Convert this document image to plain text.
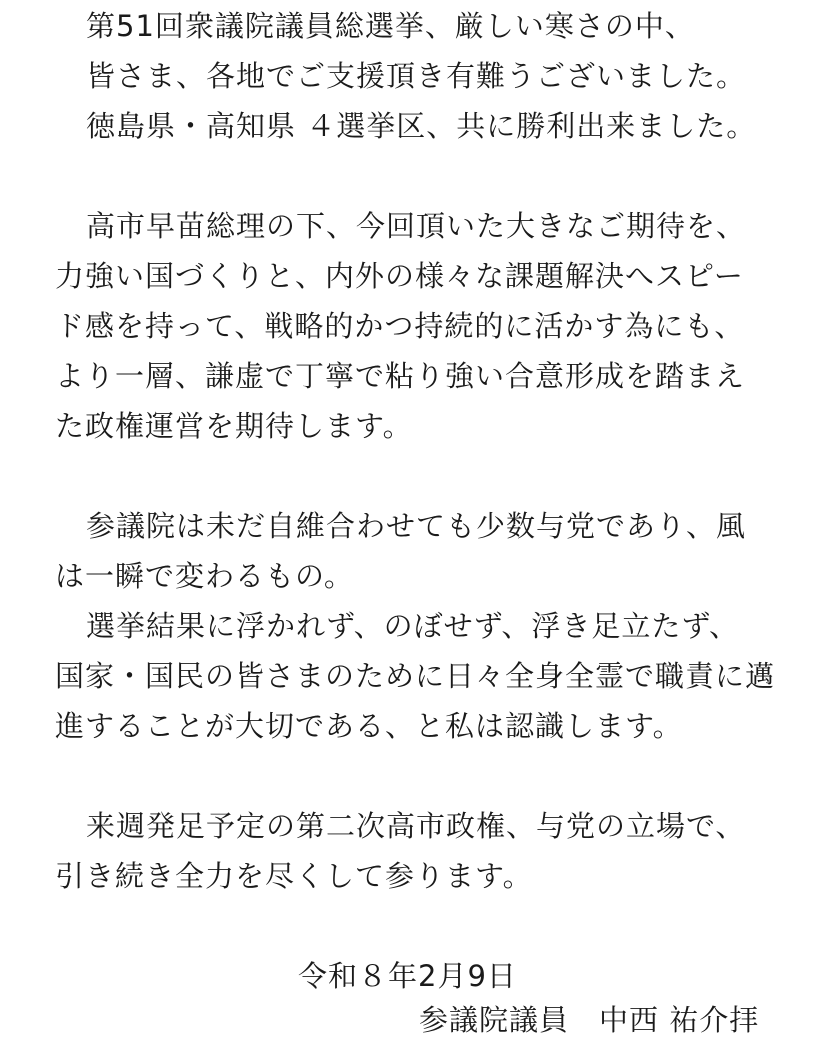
第51回衆議院議員総選挙、厳しい寒さの中、
皆さま、各地でご支援頂き有難うございました。
徳島県・高知県 ４選挙区、共に勝利出来ました。
高市早苗総理の下、今回頂いた大きなご期待を、
力強い国づくりと、内外の様々な課題解決へスピー
ド感を持って、戦略的かつ持続的に活かす為にも、
より一層、謙虚で丁寧で粘り強い合意形成を踏まえ
た政権運営を期待します。
参議院は未だ自維合わせても少数与党であり、風
は一瞬で変わるもの。
選挙結果に浮かれず、のぼせず、浮き足立たず、
国家・国民の皆さまのために日々全身全霊で職責に邁
進することが大切である、と私は認識します。
来週発足予定の第二次高市政権、与党の立場で、
引き続き全力を尽くして参ります。
令和８年2月9日
参議院議員　中西 祐介拝
